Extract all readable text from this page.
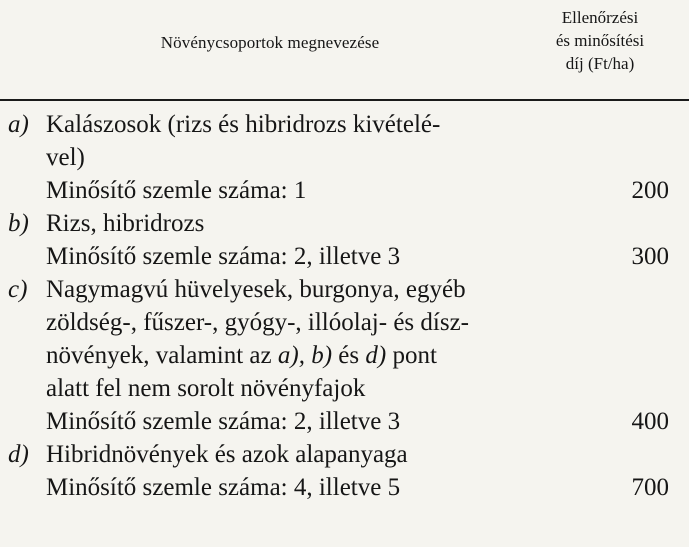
Növénycsoportok megnevezése
Ellenőrzési
és minősítési
díj (Ft/ha)
a) Kalászosok (rizs és hibridrozs kivételé-
vel)
Minősítő szemle száma: 1	200
b) Rizs, hibridrozs
Minősítő szemle száma: 2, illetve 3	300
c) Nagymagvú hüvelyesek, burgonya, egyéb
zöldség-, fűszer-, gyógy-, illóolaj- és dísz-
növények, valamint az a), b) és d) pont
alatt fel nem sorolt növényfajok
Minősítő szemle száma: 2, illetve 3	400
d) Hibridnövények és azok alapanyaga
Minősítő szemle száma: 4, illetve 5	700
